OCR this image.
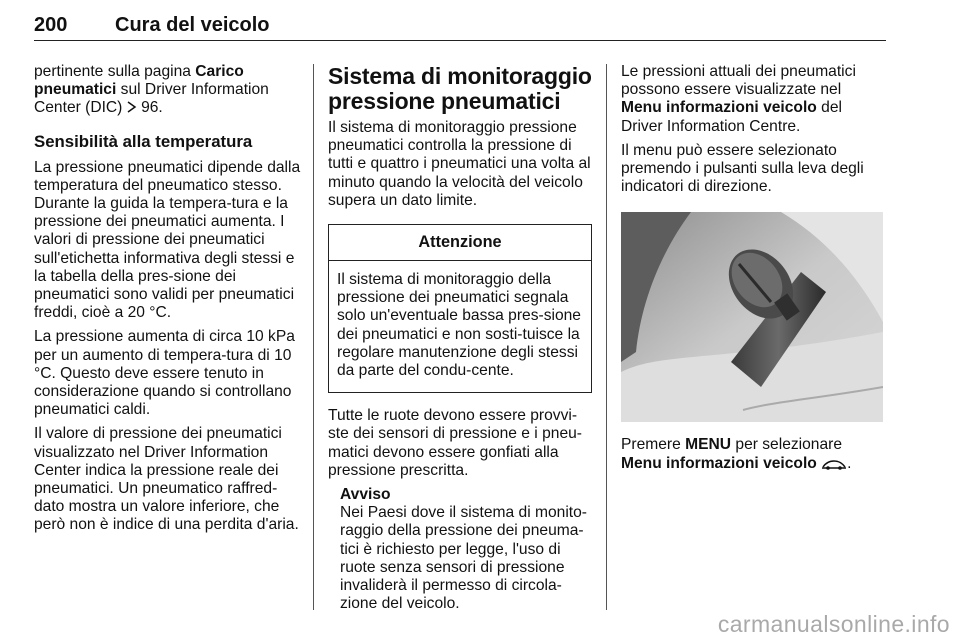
200 Cura del veicolo

pertinente sulla pagina Carico pneumatici sul Driver Information Center (DIC)  96.

Sensibilità alla temperatura

La pressione pneumatici dipende dalla temperatura del pneumatico stesso. Durante la guida la tempera-tura e la pressione dei pneumatici aumenta. I valori di pressione dei pneumatici sull'etichetta informativa degli stessi e la tabella della pres-sione dei pneumatici sono validi per pneumatici freddi, cioè a 20 °C.

La pressione aumenta di circa 10 kPa per un aumento di tempera-tura di 10 °C. Questo deve essere tenuto in considerazione quando si controllano pneumatici caldi.

Il valore di pressione dei pneumatici visualizzato nel Driver Information Center indica la pressione reale dei pneumatici. Un pneumatico raffred-dato mostra un valore inferiore, che però non è indice di una perdita d'aria.

Sistema di monitoraggio pressione pneumatici

Il sistema di monitoraggio pressione pneumatici controlla la pressione di tutti e quattro i pneumatici una volta al minuto quando la velocità del veicolo supera un dato limite.

Attenzione
Il sistema di monitoraggio della pressione dei pneumatici segnala solo un'eventuale bassa pres-sione dei pneumatici e non sosti-tuisce la regolare manutenzione degli stessi da parte del condu-cente.

Tutte le ruote devono essere provvi-ste dei sensori di pressione e i pneu-matici devono essere gonfiati alla pressione prescritta.

Avviso
Nei Paesi dove il sistema di monito-raggio della pressione dei pneuma-tici è richiesto per legge, l'uso di ruote senza sensori di pressione invaliderà il permesso di circola-zione del veicolo.

Le pressioni attuali dei pneumatici possono essere visualizzate nel Menu informazioni veicolo del Driver Information Centre.

Il menu può essere selezionato premendo i pulsanti sulla leva degli indicatori di direzione.

Premere MENU per selezionare
Menu informazioni veicolo .

carmanualsonline.info
